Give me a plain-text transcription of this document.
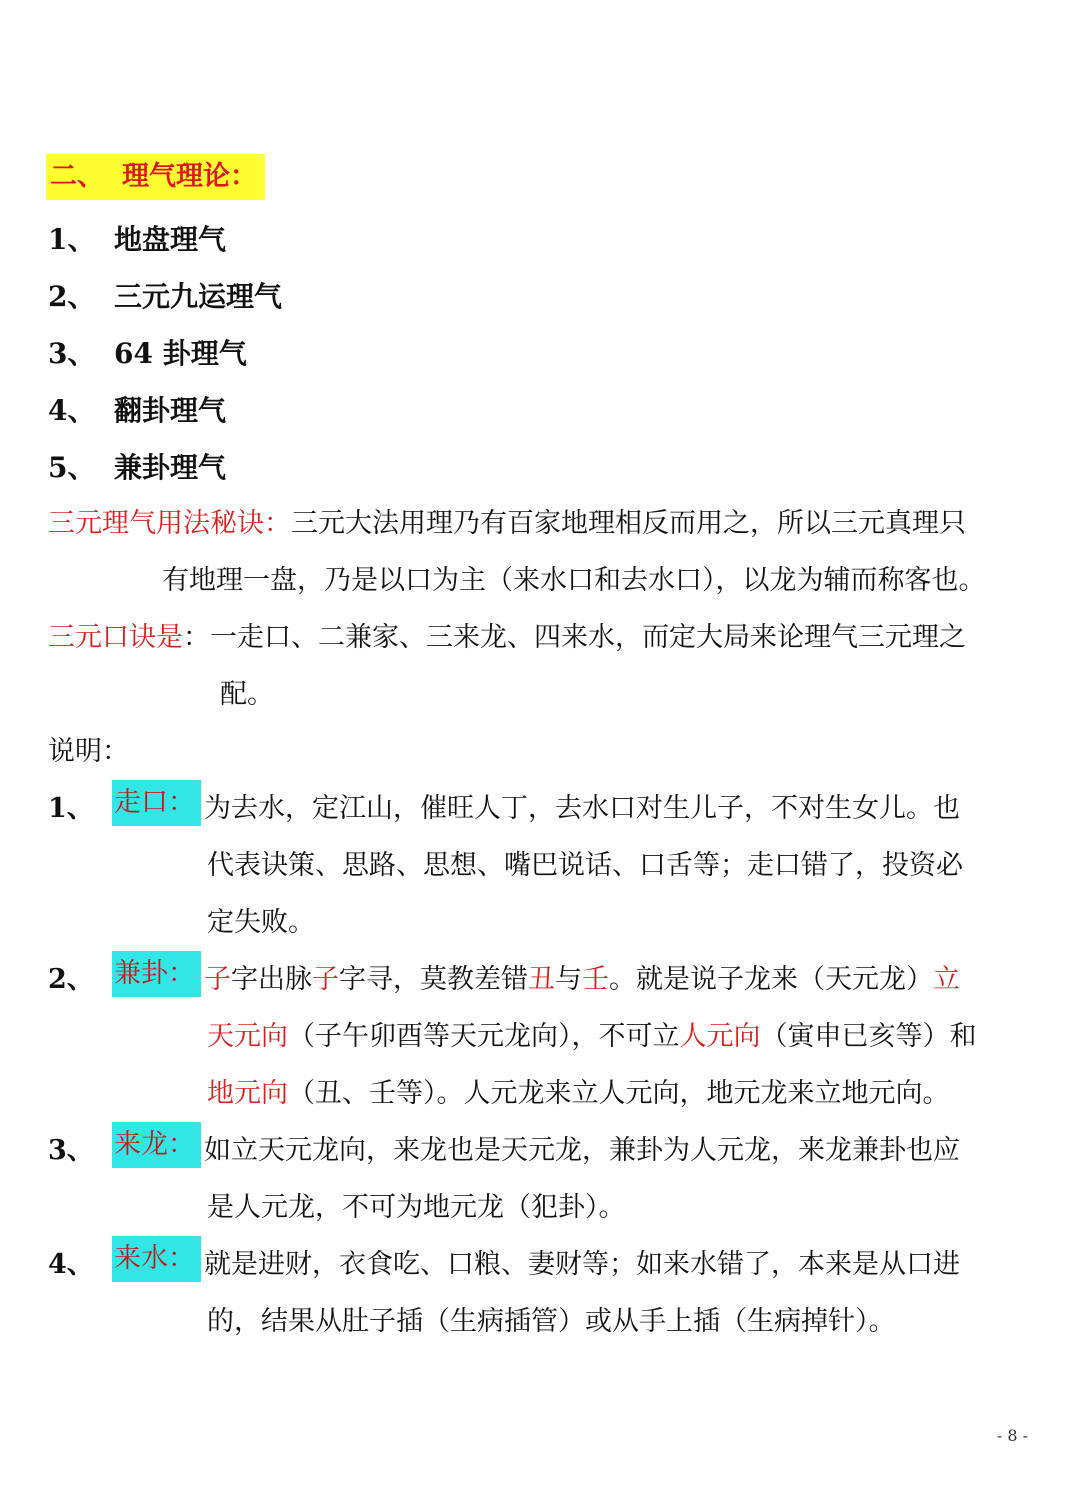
二、 理气理论：
1、 地盘理气
2、 三元九运理气
3、 64 卦理气
4、 翻卦理气
5、 兼卦理气
三元理气用法秘诀：三元大法用理乃有百家地理相反而用之，所以三元真理只
有地理一盘，乃是以口为主（来水口和去水口），以龙为辅而称客也。
三元口诀是：一走口、二兼家、三来龙、四来水，而定大局来论理气三元理之
配。
说明：
1、 走口： 为去水，定江山，催旺人丁，去水口对生儿子，不对生女儿。也
代表诀策、思路、思想、嘴巴说话、口舌等；走口错了，投资必
定失败。
2、 兼卦： 子字出脉子字寻，莫教差错丑与壬。就是说子龙来（天元龙）立
天元向（子午卯酉等天元龙向），不可立人元向（寅申已亥等）和
地元向（丑、壬等）。人元龙来立人元向，地元龙来立地元向。
3、 来龙： 如立天元龙向，来龙也是天元龙，兼卦为人元龙，来龙兼卦也应
是人元龙，不可为地元龙（犯卦）。
4、 来水： 就是进财，衣食吃、口粮、妻财等；如来水错了，本来是从口进
的，结果从肚子插（生病插管）或从手上插（生病掉针）。
- 8 -
